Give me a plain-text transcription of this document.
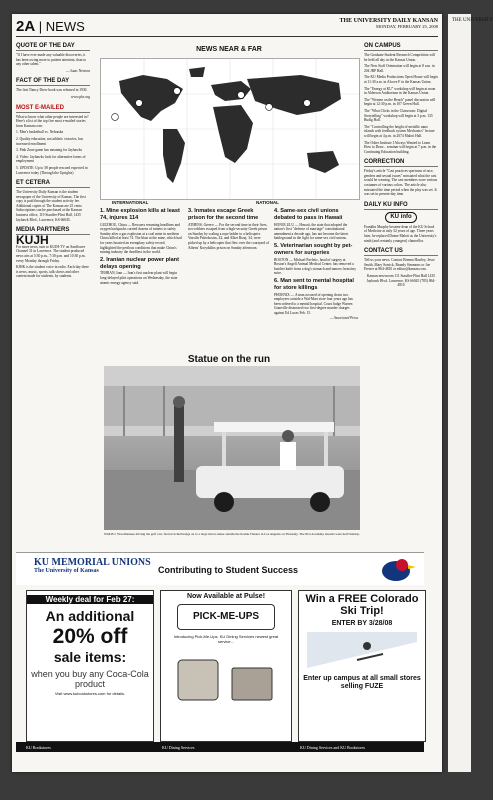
2A | NEWS	THE UNIVERSITY DAILY KANSAN
MONDAY, FEBRUARY 25, 2008
QUOTE OF THE DAY
"If I have ever made any valuable discoveries, it has been owing more to patient attention, than to any other talent."
— Isaac Newton
FACT OF THE DAY
The first Nancy Drew book was released in 1930.
www.pbs.org
MOST E-MAILED
What to know what other people are interested in? Here's a list of the top five most e-mailed stories from Kansan.com:
1. Men's basketball vs. Nebraska
2. Quality education, not athletic victories, has increased enrollment
3. Pink Zone game has meaning for Jayhawks
4. Video: Jayhawks look for alternative forms of employment
5. UPDATE: Up to 38 people rescued expected in Lawrence today (Through the Uprights)
ET CETERA
The University Daily Kansan is the student newspaper of the University of Kansas. The first copy is paid through the student activity fee. Additional copies of The Kansan are 25 cents. Subscriptions can be purchased at the Kansan business office, 119 Stauffer-Flint Hall, 1435 Jayhawk Blvd., Lawrence, KS 66045.
MEDIA PARTNERS
KUJH
For more news, turn to KUJH-TV on Sunflower Channel 31 in Lawrence. The student produced news airs at 5:30 p.m., 7:30 p.m. and 10:30 p.m. every Monday through Friday.
KJHK is the student voice in radio. Each day there is news, music, sports, talk shows and other content made for students, by students.
NEWS NEAR & FAR
INTERNATIONAL	NATIONAL
1. Mine explosion kills at least 74, injures 114
GUIZHOU, China — Rescuers resuming headlines and oxygen backpacks carried dozens of miners to safety Sunday after a gas explosion at a coal mine in northern China killed at least 74. The blast at the mine, which had for years boasted an exemplary safety record, highlighted the perilous conditions that make China's mining industry the deadliest in the world.
2. Iranian nuclear power plant delays opening
TEHRAN, Iran — Iran's first nuclear plant will begin long-delayed pilot operations on Wednesday, the state atomic energy agency said.
3. Inmates escape Greek prison for the second time
ATHENS, Greece — For the second time in their lives, two robbers escaped from a high-security Greek prison on Sunday by scaling a rope ladder to a helicopter. Vassilis Paleokostas, 42, and Alket Rizaj, 34, were picked up by a helicopter that flew over the courtyard of Athens' Korydallos prison on Sunday afternoon.
4. Same-sex civil unions debated to pass in Hawaii
HONOLULU — Hawaii, the state that adopted the nation's first "defense of marriage" constitutional amendment a decade ago, has not become the latest battleground in the fight for same-sex civil unions.
5. Veterinarian sought by pet-owners for surgeries
BOSTON — Michael Pavletic, head of surgery at Boston's Angell Animal Medical Center, has removed a butcher knife from a dog's stomach and tumors from tiny mice.
6. Man sent to mental hospital for store killings
PHOENIX — A man accused of opening down two employees outside a Wal-Mart store four years ago has been ordered to a mental hospital. Court Judge Warren Granville dismissed two first-degree murder charges against Ed Lucas Feb. 15.
— Associated Press
ON CAMPUS
The Graduate Student Research Competition will be held all day in the Kansas Union.
The New Staff Orientation will begin at 8 a.m. in 204 JRP Hall.
The KU Media Productions Open House will begin at 11:30 a.m. in Alcove F in the Kansas Union.
The "Energy at KU" workshop will begin at noon in Alderson Auditorium in the Kansas Union.
The "Women on the Bench" panel discussion will begin at 12:30 p.m. in 107 Green Hall.
The "What Clicks in the Classroom: Digital Storytelling" workshop will begin at 3 p.m. 135 Budig Hall.
The "Controlling the height of metallic nano islands with feedback system Mechanics" lecture will begin at 4 p.m. in 2074 Malott Hall.
The Osher Institute I Always Wanted to Learn How to Draw... seminar will begin at 7 p.m. in the Continuing Education building.
CORRECTION
Friday's article "Cast practices spectrum of race, genders and sexual issues" misstated what the cast would be wearing. The cast members wore various costumes of various colors. The article also misstated the time period when the play was set. It was set in present-day time.
DAILY KU INFO
KU info
Franklin Murphy became dean of the KU School of Medicine at only 32 years of age. Three years later, he replaced Deane Malott as the University's ninth (and certainly youngest) chancellor.
CONTACT US
Tell us your news. Contact Brenna Hawley, Jesse Smith, Mary Sorrick, Brandy Simmons or Joe Preiser at 864-4810 or editor@kansan.com.
Kansan newsroom 111 Stauffer-Flint Hall 1435 Jayhawk Blvd. Lawrence, KS 66045 (785) 864-4810
Statue on the run
With B.J. Woodmansee driving the golf cart, Steven Schell hangs on to a large Oscar statue outside the Kodak Theater in Los Angeles on Thursday. The 81st Academy Awards were held Sunday.
THE UNIVERSITY
KU MEMORIAL UNIONS
The University of Kansas	Contributing to Student Success
Weekly deal for Feb 27:
An additional
20% off
sale items:
when you buy any Coca-Cola product
Visit www.kubookstores.com for details.
Now Available at Pulse!
PICK-ME-UPS
Introducing Pick-Me-Ups. KU Dining Services newest great service...
Win a FREE Colorado Ski Trip!
ENTER BY 3/28/08
Enter up campus at all small stores selling FUZE
KU Bookstores	KU Dining Services	KU Dining Services and KU Bookstores
